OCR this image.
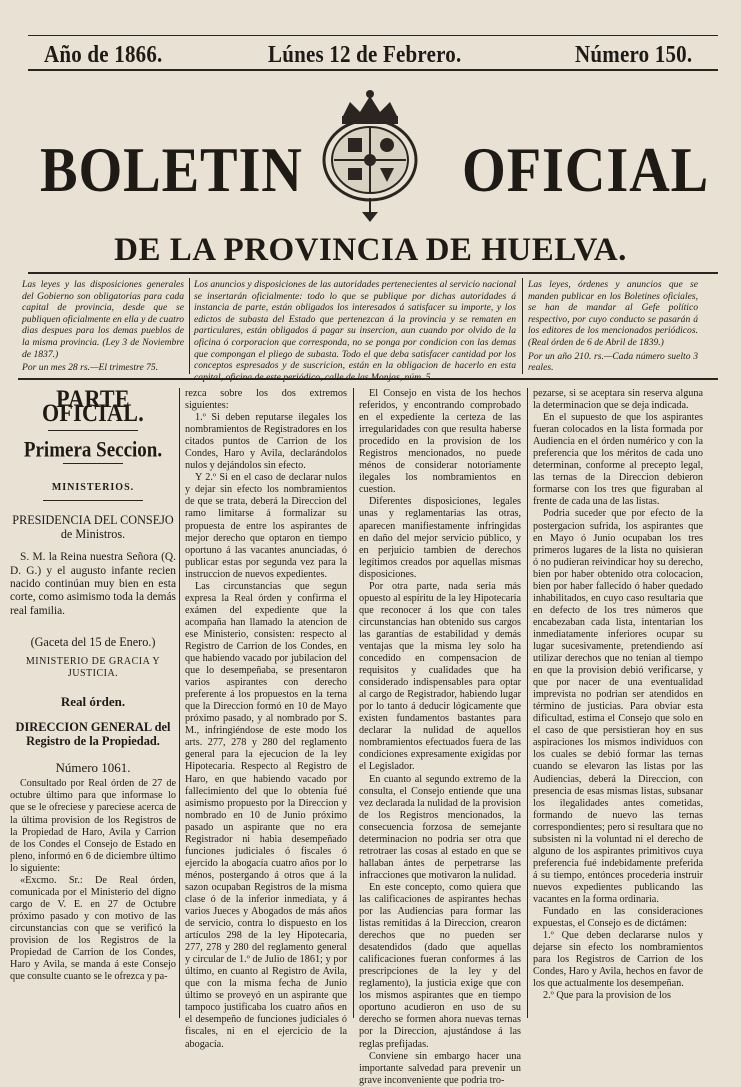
Año de 1866.	Lúnes 12 de Febrero.	Número 150.
BOLETIN OFICIAL
DE LA PROVINCIA DE HUELVA.

Las leyes y las disposiciones generales del Gobierno son obligatorias para cada capital de provincia, desde que se publiquen oficialmente en ella y de cuatro dias despues para los demas pueblos de la misma provincia. (Ley 3 de Noviembre de 1837.)

Por un mes 28 rs.—El trimestre 75.

Los anuncios y disposiciones de las autoridades pertenecientes al servicio nacional se insertarán oficialmente: todo lo que se publique por dichas autoridades á instancia de parte, están obligados los interesados á satisfacer su importe, y los edictos de subasta del Estado que pertenezcan á la provincia y se rematen en particulares, están obligados á pagar su insercion, aun cuando por olvido de la oficina ó corporacion que corresponda, no se ponga por condicion con las demas que compongan el pliego de subasta. Todo el que deba satisfacer cantidad por los conceptos espresados y de suscricion, están en la obligacion de hacerlo en esta

Las leyes, órdenes y anuncios que se manden publicar en los Boletines oficiales, se han de mandar al Gefe político respectivo, por cuyo conducto se pasarán á los editores de los mencionados periódicos. (Real órden de 6 de Abril de 1839.)

Por un año 210. rs.—Cada número suelto 3 reales.

PARTE OFICIAL.
Primera Seccion.
MINISTERIOS.
PRESIDENCIA DEL CONSEJO de Ministros.

S. M. la Reina nuestra Señora (Q. D. G.) y el augusto infante recien nacido continúan muy bien en esta corte, como asimismo toda la demás real familia.

(Gaceta del 15 de Enero.)
MINISTERIO DE GRACIA Y JUSTICIA.
Real órden.
DIRECCION GENERAL del Registro de la Propiedad.
Número 1061.

Consultado por Real órden de 27 de octubre último para que informase lo que se le ofreciese y pareciese acerca de la última provision de los Registros de la Propiedad de Haro, Avila y Carrion de los Condes el Consejo de Estado en pleno, informó en 6 de diciembre último lo siguiente:

«Excmo. Sr.: De Real órden, comunicada por el Ministerio del digno cargo de V. E. en 27 de Octubre próximo pasado y con motivo de las circunstancias con que se verificó la provision de los Registros de la Propiedad de Carrion de los Condes, Haro y Avila, se manda á este Consejo que consulte cuanto se le ofrezca y pa-

rezca sobre los dos extremos siguientes:

1.º Si deben reputarse ilegales los nombramientos de Registradores en los citados puntos de Carrion de los Condes, Haro y Avila, declarándolos nulos y dejándolos sin efecto.

Y 2.º Si en el caso de declarar nulos y dejar sin efecto los nombramientos de que se trata, deberá la Direccion del ramo limitarse á formalizar su propuesta de entre los aspirantes de mejor derecho que optaron en tiempo oportuno á las vacantes anunciadas, ó publicar estas por segunda vez para la instruccion de nuevos expedientes.

Las circunstancias que segun expresa la Real órden y confirma el exámen del expediente que la acompaña han llamado la atencion de ese Ministerio, consisten: respecto al Registro de Carrion de los Condes, en que habiendo vacado por jubilacion del que lo desempeñaba, se presentaron varios aspirantes con derecho preferente á los propuestos en la terna que la Direccion formó en 10 de Mayo próximo pasado, y al nombrado por S. M., infringiéndose de este modo los arts. 277, 278 y 280 del reglamento general para la ejecucion de la ley Hipotecaria. Respecto al Registro de Haro, en que habiendo vacado por fallecimiento del que lo obtenia fué asimismo propuesto por la Direccion y nombrado en 10 de Junio próximo pasado un aspirante que no era Registrador ni habia desempeñado funciones judiciales ó fiscales ó ejercido la abogacía cuatro años por lo ménos, postergando á otros que á la sazon ocupaban Registros de la misma clase ó de la inferior inmediata, y á varios Jueces y Abogados de más años de servicio, contra lo dispuesto en los artículos 298 de la ley Hipotecaria, 277, 278 y 280 del reglamento general y circular de 1.º de Julio de 1861; y por último, en cuanto al Registro de Avila, que con la misma fecha de Junio último se proveyó en un aspirante que tampoco justificaba los cuatro años en el desempeño de funciones judiciales ó fiscales, ni en el ejercicio de la abogacía.

El Consejo en vista de los hechos referidos, y encontrando comprobado en el expediente la certeza de las irregularidades con que resulta haberse procedido en la provision de los Registros mencionados, no puede ménos de considerar notoriamente ilegales los nombramientos en cuestion.

Diferentes disposiciones, legales unas y reglamentarias las otras, aparecen manifiestamente infringidas en daño del mejor servicio público, y en perjuicio tambien de derechos legítimos creados por aquellas mismas disposiciones.

Por otra parte, nada seria más opuesto al espíritu de la ley Hipotecaria que reconocer á los que con tales circunstancias han obtenido sus cargos las garantías de estabilidad y demás ventajas que la misma ley solo ha concedido en compensacion de requisitos y cualidades que ha considerado indispensables para optar al cargo de Registrador, habiendo lugar por lo tanto á deducir lógicamente que existen fundamentos bastantes para declarar la nulidad de aquellos nombramientos efectuados fuera de las condiciones expresamente exigidas por el Legislador.

En cuanto al segundo extremo de la consulta, el Consejo entiende que una vez declarada la nulidad de la provision de los Registros mencionados, la consecuencia forzosa de semejante determinacion no podria ser otra que retrotraer las cosas al estado en que se hallaban ántes de perpetrarse las infracciones que motivaron la nulidad.

En este concepto, como quiera que las calificaciones de aspirantes hechas por las Audiencias para formar las listas remitidas á la Direccion, crearon derechos que no pueden ser desatendidos (dado que aquellas calificaciones fueran conformes á las prescripciones de la ley y del reglamento), la justicia exige que con los mismos aspirantes que en tiempo oportuno acudieron en uso de su derecho se formen ahora nuevas ternas por la Direccion, ajustándose á las reglas prefijadas.

Conviene sin embargo hacer una importante salvedad para prevenir un grave inconveniente que podria tro-

pezarse, si se aceptara sin reserva alguna la determinacion que se deja indicada.

En el supuesto de que los aspirantes fueran colocados en la lista formada por Audiencia en el órden numérico y con la preferencia que los méritos de cada uno determinan, conforme al precepto legal, las ternas de la Direccion debieron formarse con los tres que figuraban al frente de cada una de las listas.

Podria suceder que por efecto de la postergacion sufrida, los aspirantes que en Mayo ó Junio ocupaban los tres primeros lugares de la lista no quisieran ó no pudieran reivindicar hoy su derecho, bien por haber obtenido otra colocacion, bien por haber fallecido ó haber quedado inhabilitados, en cuyo caso resultaria que en defecto de los tres números que encabezaban cada lista, intentarian los inmediatamente inferiores ocupar su lugar sucesivamente, pretendiendo así utilizar derechos que no tenian al tiempo en que la provision debió verificarse, y que por nacer de una eventualidad imprevista no podrian ser atendidos en término de justicias. Para obviar esta dificultad, estima el Consejo que solo en el caso de que persistieran hoy en sus aspiraciones los mismos individuos con los cuales se debió formar las ternas cuando se elevaron las listas por las Audiencias, deberá la Direccion, con presencia de esas mismas listas, subsanar los ilegalidades antes cometidas, formando de nuevo las ternas correspondientes; pero si resultara que no subsisten ni la voluntad ni el derecho de alguno de los aspirantes primitivos cuya preferencia fué indebidamente preferida á su tiempo, entónces procederia instruir nuevos expedientes publicando las vacantes en la forma ordinaria.

Fundado en las consideraciones expuestas, el Consejo es de dictámen:

1.º Que deben declararse nulos y dejarse sin efecto los nombramientos para los Registros de Carrion de los Condes, Haro y Avila, hechos en favor de los que actualmente los desempeñan.

2.º Que para la provision de los
